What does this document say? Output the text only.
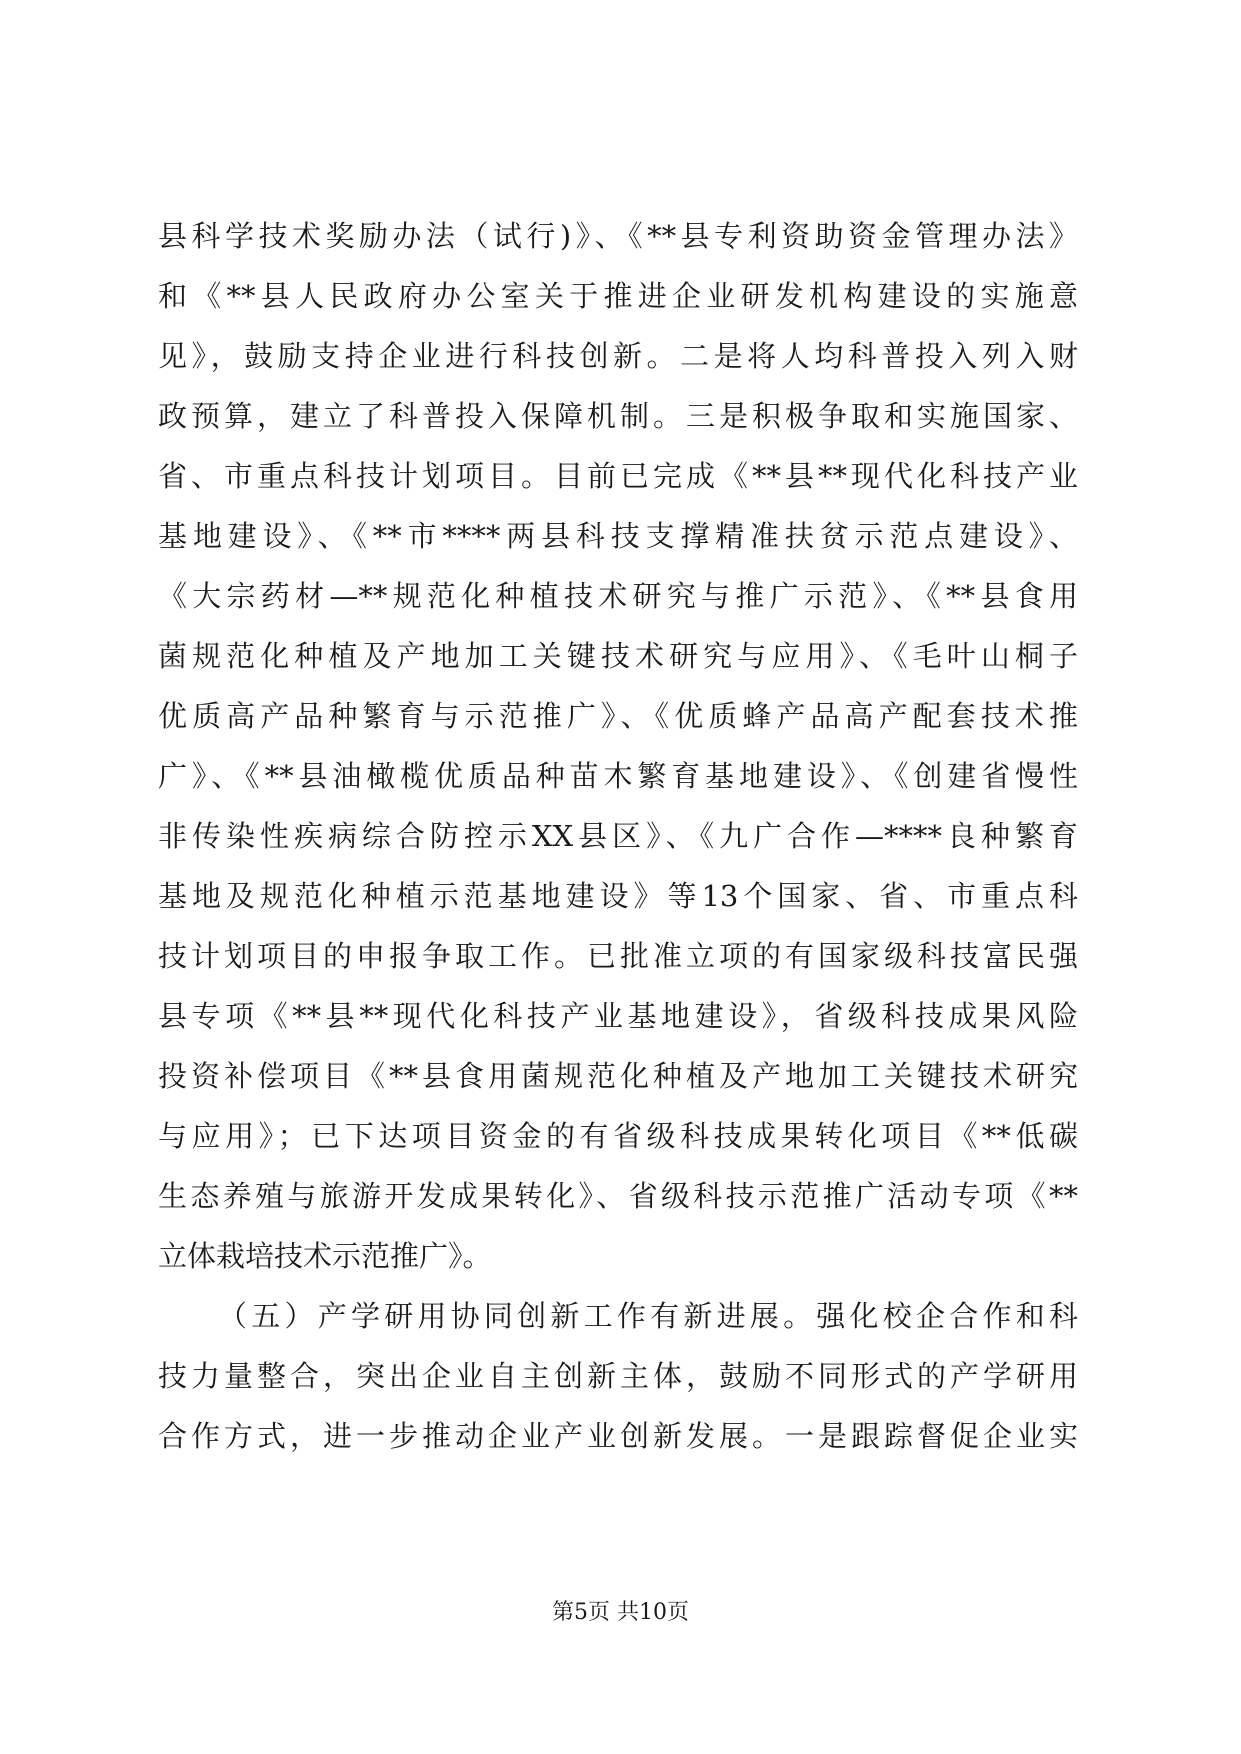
县科学技术奖励办法（试行)》、《**县专利资助资金管理办法》
和《**县人民政府办公室关于推进企业研发机构建设的实施意
见》，鼓励支持企业进行科技创新。二是将人均科普投入列入财
政预算，建立了科普投入保障机制。三是积极争取和实施国家、
省、市重点科技计划项目。目前已完成《**县**现代化科技产业
基地建设》、《**市****两县科技支撑精准扶贫示范点建设》、
《大宗药材—**规范化种植技术研究与推广示范》、《**县食用
菌规范化种植及产地加工关键技术研究与应用》、《毛叶山桐子
优质高产品种繁育与示范推广》、《优质蜂产品高产配套技术推
广》、《**县油橄榄优质品种苗木繁育基地建设》、《创建省慢性
非传染性疾病综合防控示XX县区》、《九广合作—****良种繁育
基地及规范化种植示范基地建设》等13个国家、省、市重点科
技计划项目的申报争取工作。已批准立项的有国家级科技富民强
县专项《**县**现代化科技产业基地建设》，省级科技成果风险
投资补偿项目《**县食用菌规范化种植及产地加工关键技术研究
与应用》；已下达项目资金的有省级科技成果转化项目《**低碳
生态养殖与旅游开发成果转化》、省级科技示范推广活动专项《**
立体栽培技术示范推广》。
（五）产学研用协同创新工作有新进展。强化校企合作和科
技力量整合，突出企业自主创新主体，鼓励不同形式的产学研用
合作方式，进一步推动企业产业创新发展。一是跟踪督促企业实
第5页 共10页
